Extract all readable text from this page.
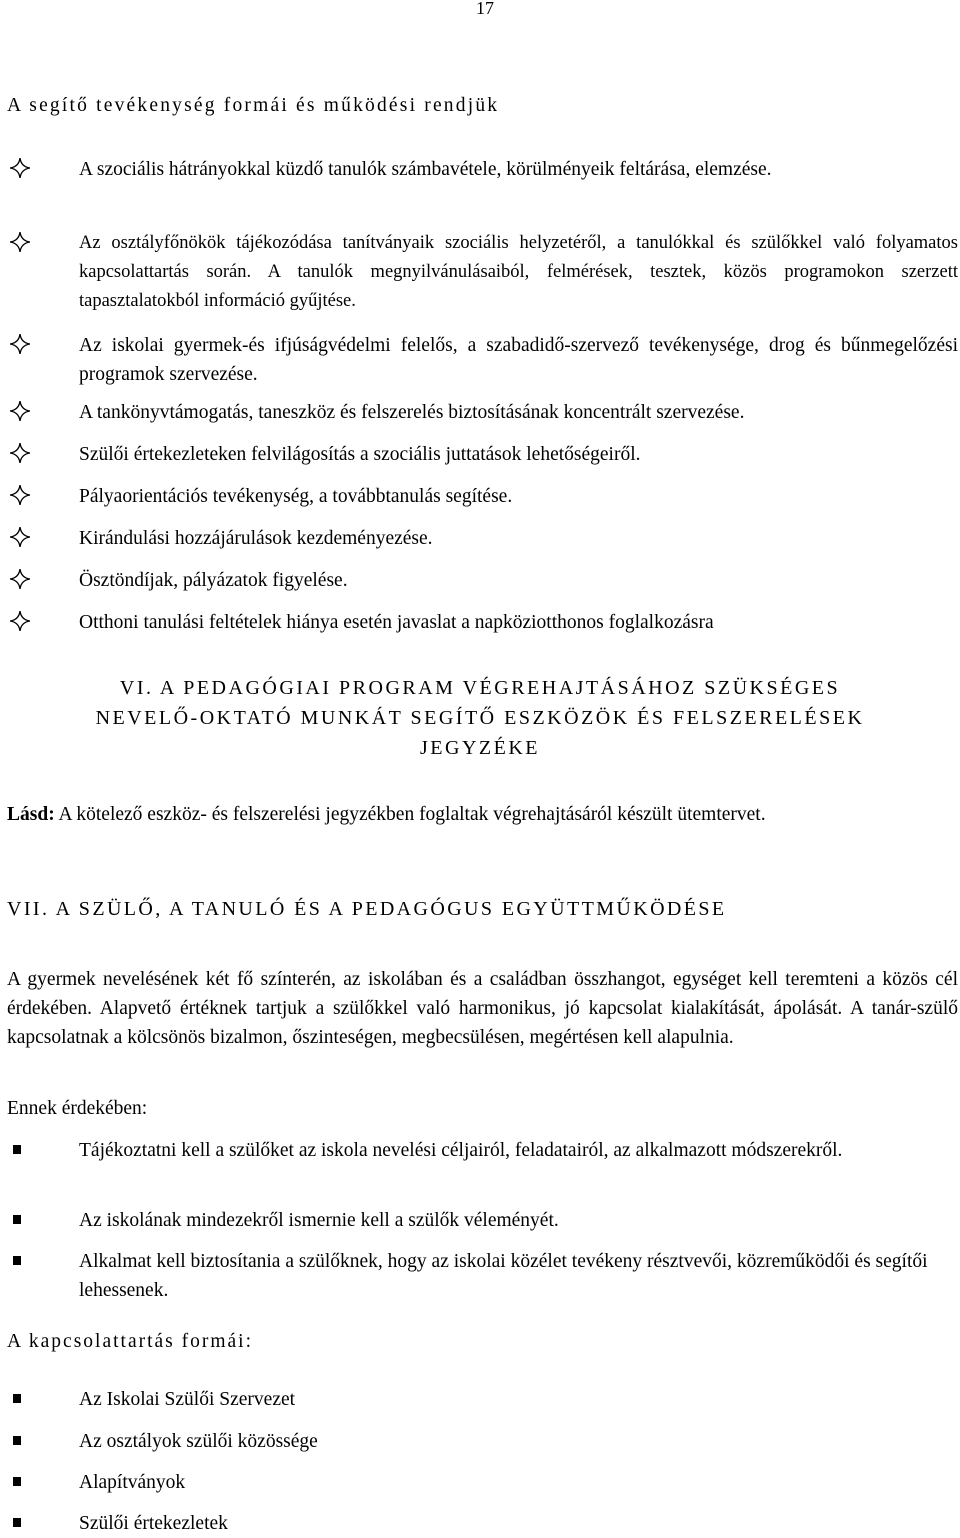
17
A segítő tevékenység formái és működési rendjük
A szociális hátrányokkal küzdő tanulók számbavétele, körülményeik feltárása, elemzése.
Az osztályfőnökök tájékozódása tanítványaik szociális helyzetéről, a tanulókkal és szülőkkel való folyamatos kapcsolattartás során. A tanulók megnyilvánulásaiból, felmérések, tesztek, közös programokon szerzett tapasztalatokból információ gyűjtése.
Az iskolai gyermek-és ifjúságvédelmi felelős, a szabadidő-szervező tevékenysége, drog és bűnmegelőzési programok szervezése.
A tankönyvtámogatás, taneszköz és felszerelés biztosításának koncentrált szervezése.
Szülői értekezleteken felvilágosítás a szociális juttatások lehetőségeiről.
Pályaorientációs tevékenység, a továbbtanulás segítése.
Kirándulási hozzájárulások kezdeményezése.
Ösztöndíjak, pályázatok figyelése.
Otthoni tanulási feltételek hiánya esetén javaslat a napköziotthonos foglalkozásra
VI. A PEDAGÓGIAI PROGRAM VÉGREHAJTÁSÁHOZ SZÜKSÉGES
NEVELŐ-OKTATÓ MUNKÁT SEGÍTŐ ESZKÖZÖK ÉS FELSZERELÉSEK
JEGYZÉKE
Lásd: A kötelező eszköz- és felszerelési jegyzékben foglaltak végrehajtásáról készült ütemtervet.
VII. A SZÜLŐ, A TANULÓ ÉS A PEDAGÓGUS EGYÜTTMŰKÖDÉSE
A gyermek nevelésének két fő színterén, az iskolában és a családban összhangot, egységet kell teremteni a közös cél érdekében. Alapvető értéknek tartjuk a szülőkkel való harmonikus, jó kapcsolat kialakítását, ápolását. A tanár-szülő kapcsolatnak a kölcsönös bizalmon, őszinteségen, megbecsülésen, megértésen kell alapulnia.
Ennek érdekében:
Tájékoztatni kell a szülőket az iskola nevelési céljairól, feladatairól, az alkalmazott módszerekről.
Az iskolának mindezekről ismernie kell a szülők véleményét.
Alkalmat kell biztosítania a szülőknek, hogy az iskolai közélet tevékeny résztvevői, közreműködői és segítői lehessenek.
A kapcsolattartás formái:
Az Iskolai Szülői Szervezet
Az osztályok szülői közössége
Alapítványok
Szülői értekezletek
